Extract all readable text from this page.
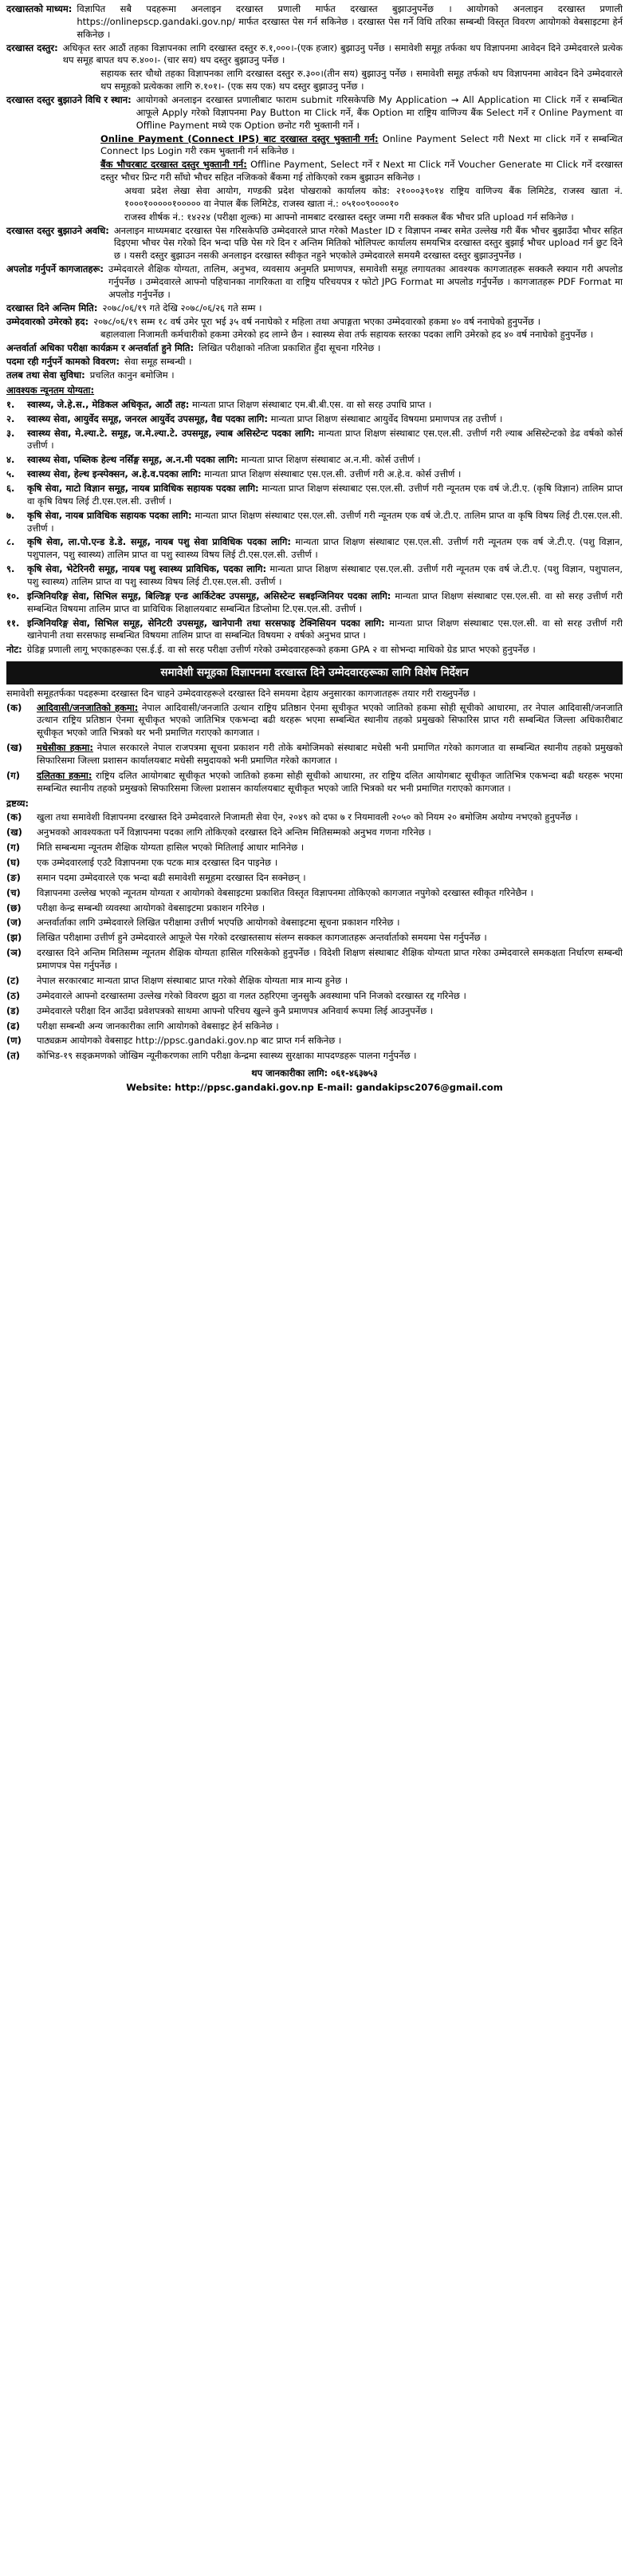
दरखास्तको माध्यम: विज्ञापित सबै पदहरूमा अनलाइन दरखास्त प्रणाली मार्फत दरखास्त बुझाउनुपर्नेछ । आयोगको अनलाइन दरखास्त प्रणाली https://onlinepscp.gandaki.gov.np/ मार्फत दरखास्त पेस गर्न सकिनेछ । दरखास्त पेस गर्ने विधि तरिका सम्बन्धी विस्तृत विवरण आयोगको वेबसाइटमा हेर्न सकिनेछ ।
दरखास्त दस्तुर: अधिकृत स्तर आठौं तहका विज्ञापनका लागि दरखास्त दस्तुर रु.१,०००।-(एक हजार) बुझाउनु पर्नेछ । समावेशी समूह तर्फका थप विज्ञापनमा आवेदन दिने उम्मेदवारले प्रत्येक थप समूह बापत थप रु.४००।- (चार सय) थप दस्तुर बुझाउनु पर्नेछ ।
सहायक स्तर चौथो तहका विज्ञापनका लागि दरखास्त दस्तुर रु.३००।(तीन सय) बुझाउनु पर्नेछ । समावेशी समूह तर्फको थप विज्ञापनमा आवेदन दिने उम्मेदवारले थप समूहको प्रत्येकका लागि रु.१०१।- (एक सय एक) थप दस्तुर बुझाउनु पर्नेछ ।
दरखास्त दस्तुर बुझाउने विधि र स्थान: आयोगको अनलाइन दरखास्त प्रणालीबाट फाराम submit गरिसकेपछि My Application → All Application मा Click गर्ने र सम्बन्धित आफूले Apply गरेको विज्ञापनमा Pay Button मा Click गर्ने, बैंक Option मा राष्ट्रिय वाणिज्य बैंक Select गर्ने र Online Payment वा Offline Payment मध्ये एक Option छनोट गरी भुक्तानी गर्ने ।
Online Payment (Connect IPS) बाट दरखास्त दस्तुर भुक्तानी गर्न: Online Payment Select गरी Next मा click गर्ने र सम्बन्धित Connect Ips Login गरी रकम भुक्तानी गर्न सकिनेछ ।
बैंक भौचरबाट दरखास्त दस्तुर भुक्तानी गर्न: Offline Payment, Select गर्ने र Next मा Click गर्ने Voucher Generate मा Click गर्ने दरखास्त दस्तुर भौचर प्रिन्ट गरी साँघो भौचर सहित नजिकको बैंकमा गई तोकिएको रकम बुझाउन सकिनेछ ।
अथवा प्रदेश लेखा सेवा आयोग, गण्डकी प्रदेश पोखराको कार्यालय कोड: २१०००३९०१४ राष्ट्रिय वाणिज्य बैंक लिमिटेड, राजस्व खाता नं. १०००१०००००१००००० वा नेपाल बैंक लिमिटेड, राजस्व खाता नं.: ०५१००९००००१०
राजस्व शीर्षक नं.: १४२२४ (परीक्षा शुल्क) मा आफ्नो नामबाट दरखास्त दस्तुर जम्मा गरी सक्कल बैंक भौचर प्रति upload गर्न सकिनेछ ।
दरखास्त दस्तुर बुझाउने अवधि: अनलाइन माध्यमबाट दरखास्त पेस गरिसकेपछि उम्मेदवारले प्राप्त गरेको Master ID र विज्ञापन नम्बर समेत उल्लेख गरी बैंक भौचर बुझाउँदा भौचर सहित दिइएमा भौचर पेस गरेको दिन भन्दा पछि पेस गरे दिन र अन्तिम मितिको भोलिपल्ट कार्यालय समयभित्र दरखास्त दस्तुर बुझाई भौचर upload गर्न छुट दिने छ । यसरी दस्तुर बुझाउन नसकी अनलाइन दरखास्त स्वीकृत नहुने भएकोले उम्मेदवारले समयमै दरखास्त दस्तुर बुझाउनुपर्नेछ ।
अपलोड गर्नुपर्ने कागजातहरू: उम्मेदवारले शैक्षिक योग्यता, तालिम, अनुभव, व्यवसाय अनुमति प्रमाणपत्र, समावेशी समूह लगायतका आवश्यक कागजातहरू सक्कलै स्क्यान गरी अपलोड गर्नुपर्नेछ । उम्मेदवारले आफ्नो पहिचानका नागरिकता वा राष्ट्रिय परिचयपत्र र फोटो JPG Format मा अपलोड गर्नुपर्नेछ । कागजातहरू PDF Format मा अपलोड गर्नुपर्नेछ ।
दरखास्त दिने अन्तिम मिति: २०७८/०६/१९ गते देखि २०७८/०६/२६ गते सम्म ।
उम्मेदवारको उमेरको हद: २०७८/०६/१९ सम्म १८ वर्ष उमेर पूरा भई ३५ वर्ष ननाघेको र महिला तथा अपाङ्गता भएका उम्मेदवारको हकमा ४० वर्ष ननाघेको हुनुपर्नेछ ।
बहालवाला निजामती कर्मचारीको हकमा उमेरको हद लाग्ने छैन । स्वास्थ्य सेवा तर्फ सहायक स्तरका पदका लागि उमेरको हद ४० वर्ष ननाघेको हुनुपर्नेछ ।
अन्तर्वार्ता अधिका परीक्षा कार्यक्रम र अन्तर्वार्ता हुने मिति: लिखित परीक्षाको नतिजा प्रकाशित हुँदा सूचना गरिनेछ ।
पदमा रही गर्नुपर्ने कामको विवरण: सेवा समूह सम्बन्धी ।
तलब तथा सेवा सुविधा: प्रचलित कानुन बमोजिम ।
आवश्यक न्यूनतम योग्यता:
१.	स्वास्थ्य, जे.हे.स., मेडिकल अधिकृत, आठौं तह: मान्यता प्राप्त शिक्षण संस्थाबाट एम.बी.बी.एस. वा सो सरह उपाधि प्राप्त ।
२.	स्वास्थ्य सेवा, आयुर्वेद समूह, जनरल आयुर्वेद उपसमूह, वैद्य पदका लागि: मान्यता प्राप्त शिक्षण संस्थाबाट आयुर्वेद विषयमा प्रमाणपत्र तह उत्तीर्ण ।
३.	स्वास्थ्य सेवा, मे.ल्या.टे. समूह, ज.मे.ल्या.टे. उपसमूह, ल्याब असिस्टेन्ट पदका लागि: मान्यता प्राप्त शिक्षण संस्थाबाट एस.एल.सी. उत्तीर्ण गरी ल्याब असिस्टेन्टको डेढ वर्षको कोर्स उत्तीर्ण ।
४.	स्वास्थ्य सेवा, पब्लिक हेल्थ नर्सिङ्ग समूह, अ.न.मी पदका लागि: मान्यता प्राप्त शिक्षण संस्थाबाट अ.न.मी. कोर्स उत्तीर्ण ।
५.	स्वास्थ्य सेवा, हेल्थ इन्स्पेक्सन, अ.हे.व.पदका लागि: मान्यता प्राप्त शिक्षण संस्थाबाट एस.एल.सी. उत्तीर्ण गरी अ.हे.व. कोर्स उत्तीर्ण ।
६.	कृषि सेवा, माटो विज्ञान समूह, नायब प्राविधिक सहायक पदका लागि: मान्यता प्राप्त शिक्षण संस्थाबाट एस.एल.सी. उत्तीर्ण गरी न्यूनतम एक वर्ष जे.टी.ए. (कृषि विज्ञान) तालिम प्राप्त वा कृषि विषय लिई टी.एस.एल.सी. उत्तीर्ण ।
७.	कृषि सेवा, नायब प्राविधिक सहायक पदका लागि: मान्यता प्राप्त शिक्षण संस्थाबाट एस.एल.सी. उत्तीर्ण गरी न्यूनतम एक वर्ष जे.टी.ए. तालिम प्राप्त वा कृषि विषय लिई टी.एस.एल.सी. उत्तीर्ण ।
८.	कृषि सेवा, ला.पो.एन्ड डे.डे. समूह, नायब पशु सेवा प्राविधिक पदका लागि: मान्यता प्राप्त शिक्षण संस्थाबाट एस.एल.सी. उत्तीर्ण गरी न्यूनतम एक वर्ष जे.टी.ए. (पशु विज्ञान, पशुपालन, पशु स्वास्थ्य) तालिम प्राप्त वा पशु स्वास्थ्य विषय लिई टी.एस.एल.सी. उत्तीर्ण ।
९.	कृषि सेवा, भेटेरिनरी समूह, नायब पशु स्वास्थ्य प्राविधिक, पदका लागि: मान्यता प्राप्त शिक्षण संस्थाबाट एस.एल.सी. उत्तीर्ण गरी न्यूनतम एक वर्ष जे.टी.ए. (पशु विज्ञान, पशुपालन, पशु स्वास्थ्य) तालिम प्राप्त वा पशु स्वास्थ्य विषय लिई टी.एस.एल.सी. उत्तीर्ण ।
१०. इन्जिनियरिङ्ग सेवा, सिभिल समूह, बिल्डिङ्ग एन्ड आर्किटेक्ट उपसमूह, असिस्टेन्ट सबइन्जिनियर पदका लागि: मान्यता प्राप्त शिक्षण संस्थाबाट एस.एल.सी. वा सो सरह उत्तीर्ण गरी सम्बन्धित विषयमा तालिम प्राप्त वा प्राविधिक शिक्षालयबाट सम्बन्धित डिप्लोमा टि.एस.एल.सी. उत्तीर्ण ।
११. इन्जिनियरिङ्ग सेवा, सिभिल समूह, सेनिटरी उपसमूह, खानेपानी तथा सरसफाइ टेक्निसियन पदका लागि: मान्यता प्राप्त शिक्षण संस्थाबाट एस.एल.सी. वा सो सरह उत्तीर्ण गरी खानेपानी तथा सरसफाइ सम्बन्धित विषयमा तालिम प्राप्त वा सम्बन्धित विषयमा २ वर्षको अनुभव प्राप्त ।
नोट: ग्रेडिङ्ग प्रणाली लागू भएकाहरूका एस.ई.ई. वा सो सरह परीक्षा उत्तीर्ण गरेको उम्मेदवारहरूको हकमा GPA २ वा सोभन्दा माथिको ग्रेड प्राप्त भएको हुनुपर्नेछ ।
समावेशी समूहका विज्ञापनमा दरखास्त दिने उम्मेदवारहरूका लागि विशेष निर्देशन
समावेशी समूहतर्फका पदहरूमा दरखास्त दिन चाहने उम्मेदवारहरूले दरखास्त दिने समयमा देहाय अनुसारका कागजातहरू तयार गरी राख्नुपर्नेछ ।
(क)	आदिवासी/जनजातिको हकमा: नेपाल आदिवासी/जनजाति उत्थान राष्ट्रिय प्रतिष्ठान ऐनमा सूचीकृत भएको जातिको हकमा सोही सूचीको आधारमा, तर नेपाल आदिवासी/जनजाति उत्थान राष्ट्रिय प्रतिष्ठान ऐनमा सूचीकृत भएको जातिभित्र एकभन्दा बढी थरहरू भएमा सम्बन्धित स्थानीय तहको प्रमुखको सिफारिस प्राप्त गरी सम्बन्धित जिल्ला अधिकारीबाट सूचीकृत भएको जाति भित्रको थर भनी प्रमाणित गराएको कागजात ।
(ख)	मधेसीका हकमा: नेपाल सरकारले नेपाल राजपत्रमा सूचना प्रकाशन गरी तोके बमोजिमको संस्थाबाट मधेसी भनी प्रमाणित गरेको कागजात वा सम्बन्धित स्थानीय तहको प्रमुखको सिफारिसमा जिल्ला प्रशासन कार्यालयबाट मधेसी समुदायको भनी प्रमाणित गरेको कागजात ।
(ग)	दलितका हकमा: राष्ट्रिय दलित आयोगबाट सूचीकृत भएको जातिको हकमा सोही सूचीको आधारमा, तर राष्ट्रिय दलित आयोगबाट सूचीकृत जातिभित्र एकभन्दा बढी थरहरू भएमा सम्बन्धित स्थानीय तहको प्रमुखको सिफारिसमा जिल्ला प्रशासन कार्यालयबाट सूचीकृत भएको जाति भित्रको थर भनी प्रमाणित गराएको कागजात ।
द्रष्टव्य:
(क)	खुला तथा समावेशी विज्ञापनमा दरखास्त दिने उम्मेदवारले निजामती सेवा ऐन, २०४९ को दफा ७ र नियमावली २०५० को नियम २० बमोजिम अयोग्य नभएको हुनुपर्नेछ ।
(ख)	अनुभवको आवश्यकता पर्ने विज्ञापनमा पदका लागि तोकिएको दरखास्त दिने अन्तिम मितिसम्मको अनुभव गणना गरिनेछ ।
(ग)	मिति सम्बन्धमा न्यूनतम शैक्षिक योग्यता हासिल भएको मितिलाई आधार मानिनेछ ।
(घ)	एक उम्मेदवारलाई एउटै विज्ञापनमा एक पटक मात्र दरखास्त दिन पाइनेछ ।
(ङ)	समान पदमा उम्मेदवारले एक भन्दा बढी समावेशी समूहमा दरखास्त दिन सक्नेछन् ।
(च)	विज्ञापनमा उल्लेख भएको न्यूनतम योग्यता र आयोगको वेबसाइटमा प्रकाशित विस्तृत विज्ञापनमा तोकिएको कागजात नपुगेको दरखास्त स्वीकृत गरिनेछैन ।
(छ)	परीक्षा केन्द्र सम्बन्धी व्यवस्था आयोगको वेबसाइटमा प्रकाशन गरिनेछ ।
(ज)	अन्तर्वार्ताका लागि उम्मेदवारले लिखित परीक्षामा उत्तीर्ण भएपछि आयोगको वेबसाइटमा सूचना प्रकाशन गरिनेछ ।
(झ)	लिखित परीक्षामा उत्तीर्ण हुने उम्मेदवारले आफूले पेस गरेको दरखास्तसाथ संलग्न सक्कल कागजातहरू अन्तर्वार्ताको समयमा पेस गर्नुपर्नेछ ।
(ञ)	दरखास्त दिने अन्तिम मितिसम्म न्यूनतम शैक्षिक योग्यता हासिल गरिसकेको हुनुपर्नेछ । विदेशी शिक्षण संस्थाबाट शैक्षिक योग्यता प्राप्त गरेका उम्मेदवारले समकक्षता निर्धारण सम्बन्धी प्रमाणपत्र पेस गर्नुपर्नेछ ।
(ट)	नेपाल सरकारबाट मान्यता प्राप्त शिक्षण संस्थाबाट प्राप्त गरेको शैक्षिक योग्यता मात्र मान्य हुनेछ ।
(ठ)	उम्मेदवारले आफ्नो दरखास्तमा उल्लेख गरेको विवरण झुठा वा गलत ठहरिएमा जुनसुकै अवस्थामा पनि निजको दरखास्त रद्द गरिनेछ ।
(ड)	उम्मेदवारले परीक्षा दिन आउँदा प्रवेशपत्रको साथमा आफ्नो परिचय खुल्ने कुनै प्रमाणपत्र अनिवार्य रूपमा लिई आउनुपर्नेछ ।
(ढ)	परीक्षा सम्बन्धी अन्य जानकारीका लागि आयोगको वेबसाइट हेर्न सकिनेछ ।
(ण)	पाठ्यक्रम आयोगको वेबसाइट http://ppsc.gandaki.gov.np बाट प्राप्त गर्न सकिनेछ ।
(त)	कोभिड-१९ सङ्क्रमणको जोखिम न्यूनीकरणका लागि परीक्षा केन्द्रमा स्वास्थ्य सुरक्षाका मापदण्डहरू पालना गर्नुपर्नेछ ।
थप जानकारीका लागि: ०६१-४६३७५३
Website: http://ppsc.gandaki.gov.np E-mail: gandakipsc2076@gmail.com
